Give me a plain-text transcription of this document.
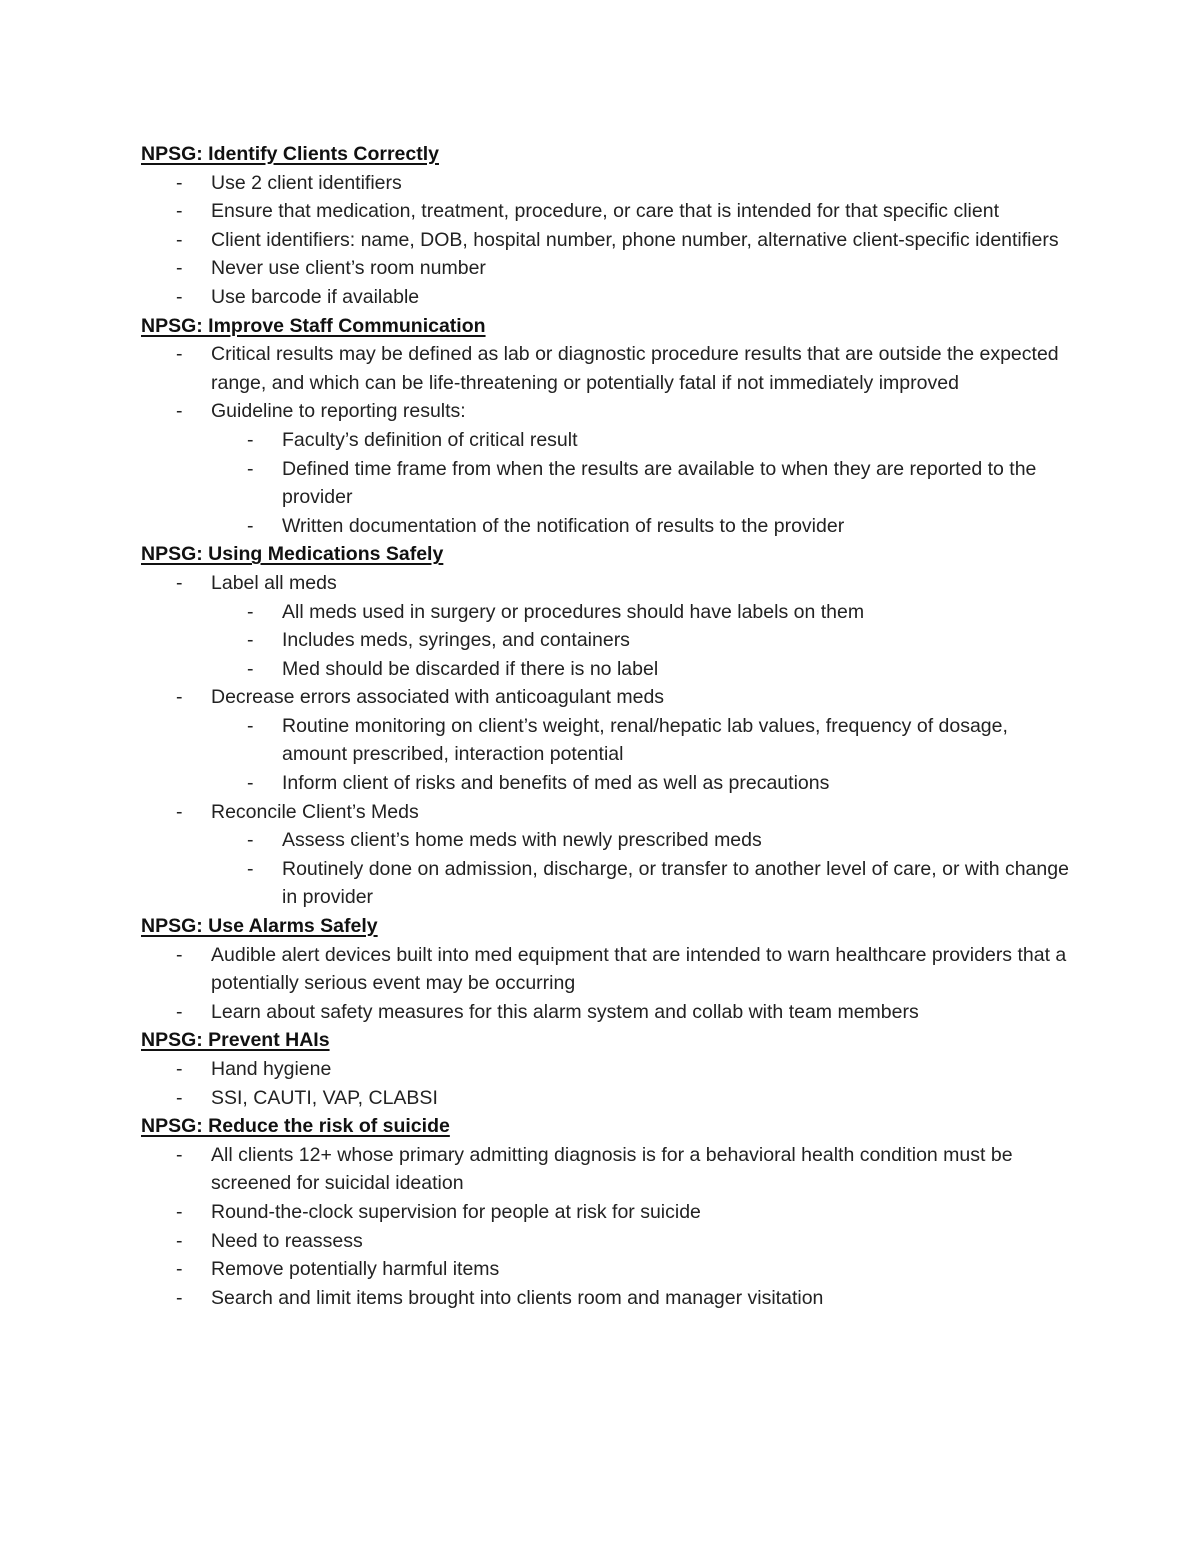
NPSG: Identify Clients Correctly

-	Use 2 client identifiers
-	Ensure that medication, treatment, procedure, or care that is intended for that specific client
-	Client identifiers: name, DOB, hospital number, phone number, alternative client-specific identifiers
-	Never use client’s room number
-	Use barcode if available

NPSG: Improve Staff Communication

-	Critical results may be defined as lab or diagnostic procedure results that are outside the expected range, and which can be life-threatening or potentially fatal if not immediately improved
-	Guideline to reporting results:
-	Faculty’s definition of critical result
-	Defined time frame from when the results are available to when they are reported to the provider
-	Written documentation of the notification of results to the provider

NPSG: Using Medications Safely

-	Label all meds
-	All meds used in surgery or procedures should have labels on them
-	Includes meds, syringes, and containers
-	Med should be discarded if there is no label
-	Decrease errors associated with anticoagulant meds
-	Routine monitoring on client’s weight, renal/hepatic lab values, frequency of dosage, amount prescribed, interaction potential
-	Inform client of risks and benefits of med as well as precautions
-	Reconcile Client’s Meds
-	Assess client’s home meds with newly prescribed meds
-	Routinely done on admission, discharge, or transfer to another level of care, or with change in provider

NPSG: Use Alarms Safely

-	Audible alert devices built into med equipment that are intended to warn healthcare providers that a potentially serious event may be occurring
-	Learn about safety measures for this alarm system and collab with team members

NPSG: Prevent HAIs

-	Hand hygiene
-	SSI, CAUTI, VAP, CLABSI

NPSG: Reduce the risk of suicide

-	All clients 12+ whose primary admitting diagnosis is for a behavioral health condition must be screened for suicidal ideation
-	Round-the-clock supervision for people at risk for suicide
-	Need to reassess
-	Remove potentially harmful items
-	Search and limit items brought into clients room and manager visitation
